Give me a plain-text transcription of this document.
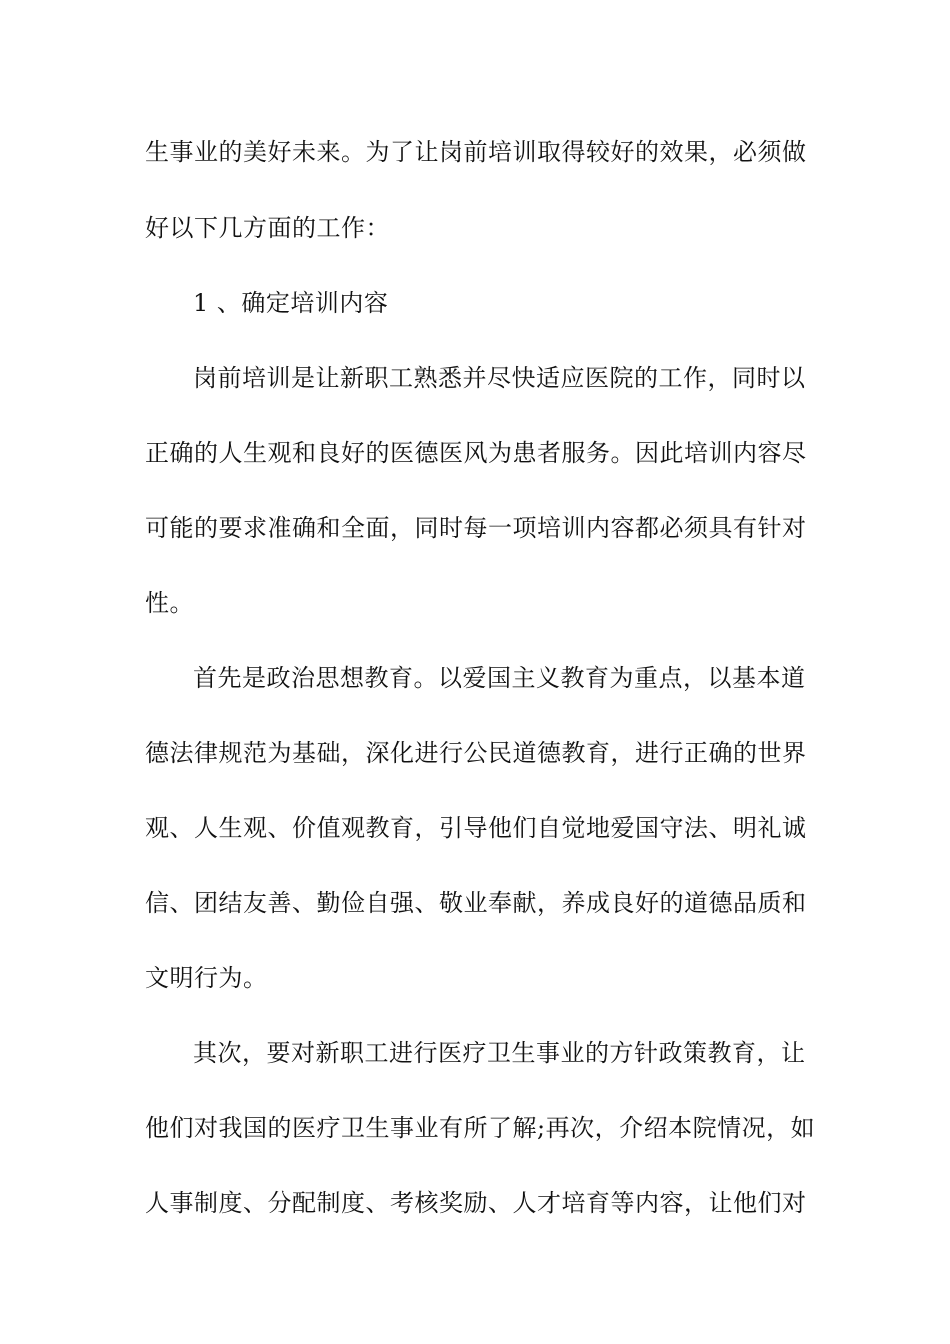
生事业的美好未来。为了让岗前培训取得较好的效果，必须做
好以下几方面的工作：
1 、确定培训内容
岗前培训是让新职工熟悉并尽快适应医院的工作，同时以
正确的人生观和良好的医德医风为患者服务。因此培训内容尽
可能的要求准确和全面，同时每一项培训内容都必须具有针对
性。
首先是政治思想教育。以爱国主义教育为重点，以基本道
德法律规范为基础，深化进行公民道德教育，进行正确的世界
观、人生观、价值观教育，引导他们自觉地爱国守法、明礼诚
信、团结友善、勤俭自强、敬业奉献，养成良好的道德品质和
文明行为。
其次，要对新职工进行医疗卫生事业的方针政策教育，让
他们对我国的医疗卫生事业有所了解;再次，介绍本院情况，如
人事制度、分配制度、考核奖励、人才培育等内容，让他们对
